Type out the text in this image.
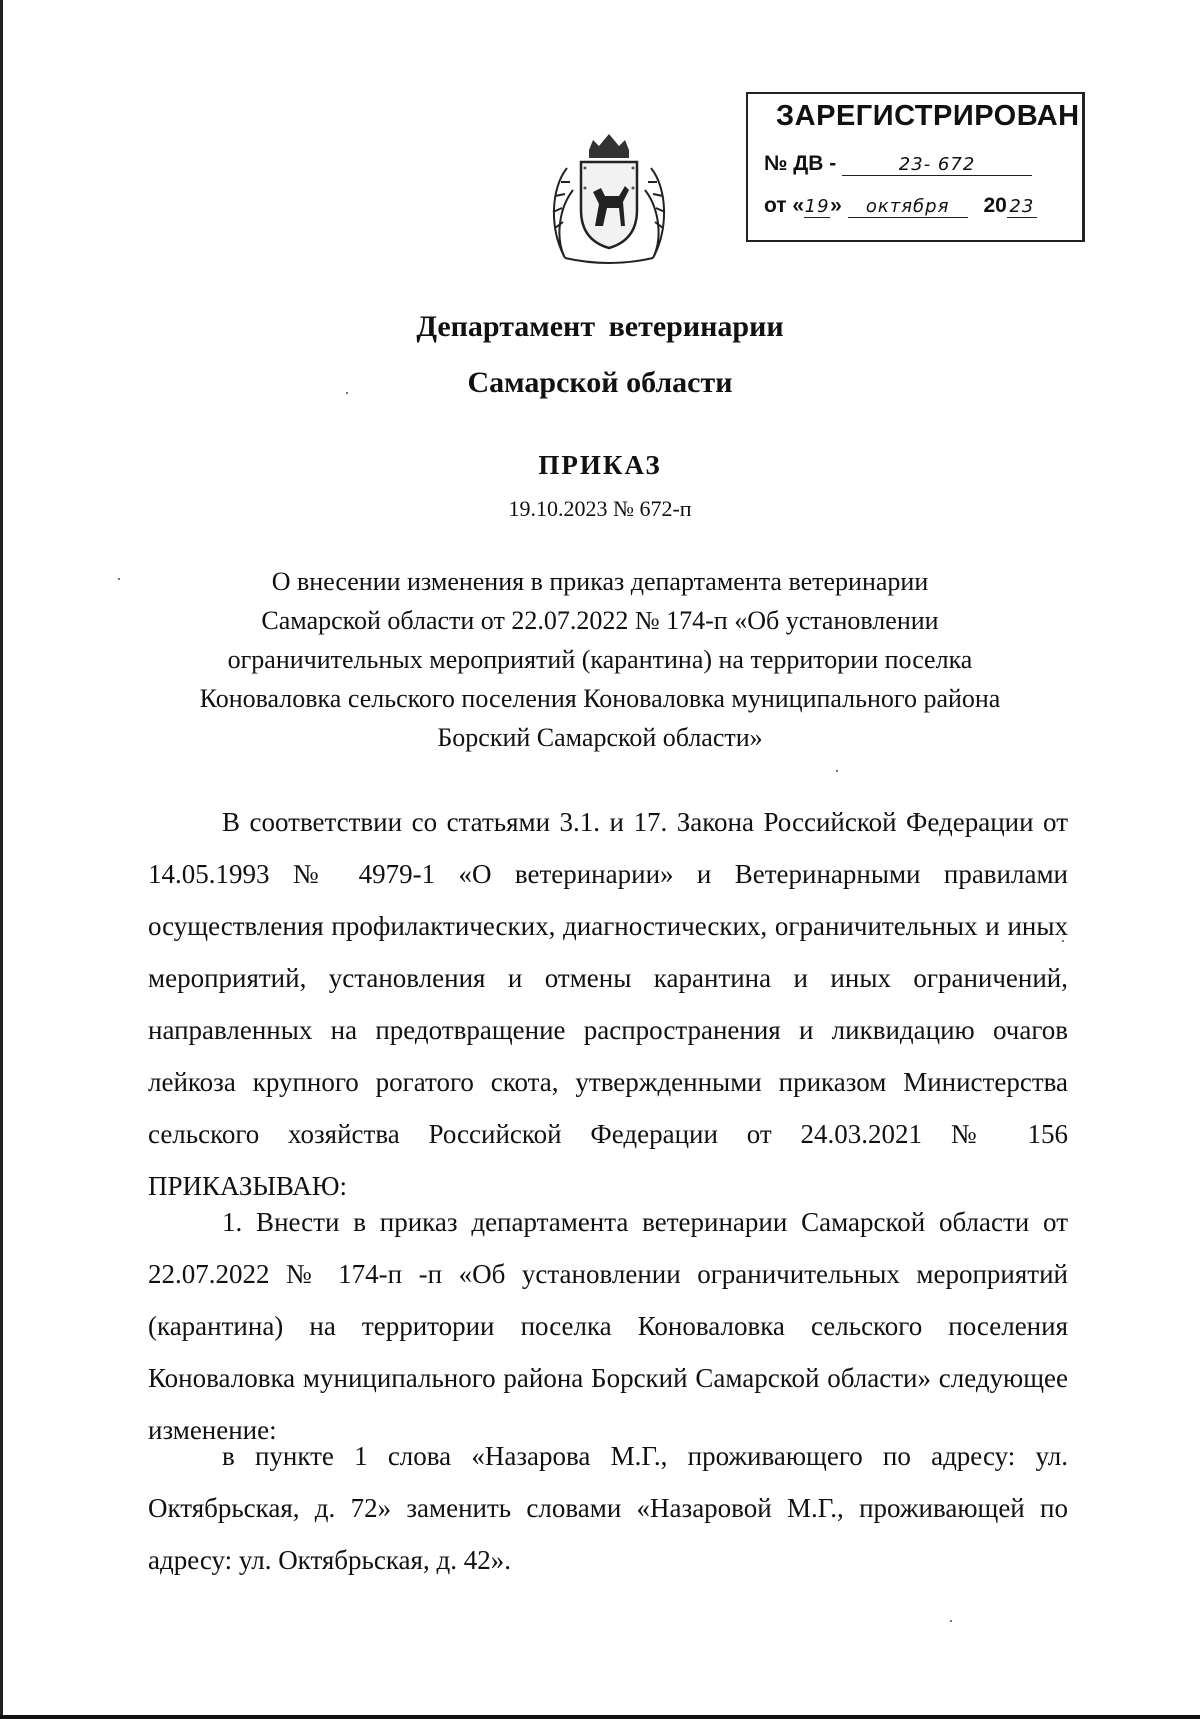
ЗАРЕГИСТРИРОВАН
№ ДВ -	23- 672
от «19» октября 20 23
Департамент ветеринарии
Самарской области
ПРИКАЗ
19.10.2023 № 672-п
О внесении изменения в приказ департамента ветеринарии
Самарской области от 22.07.2022 № 174-п «Об установлении
ограничительных мероприятий (карантина) на территории поселка
Коноваловка сельского поселения Коноваловка муниципального района
Борский Самарской области»

В соответствии со статьями 3.1. и 17. Закона Российской Федерации от 14.05.1993 № 4979-1 «О ветеринарии» и Ветеринарными правилами осуществления профилактических, диагностических, ограничительных и иных мероприятий, установления и отмены карантина и иных ограничений, направленных на предотвращение распространения и ликвидацию очагов лейкоза крупного рогатого скота, утвержденными приказом Министерства сельского хозяйства Российской Федерации от 24.03.2021 № 156 ПРИКАЗЫВАЮ:

1. Внести в приказ департамента ветеринарии Самарской области от 22.07.2022 № 174-п -п «Об установлении ограничительных мероприятий (карантина) на территории поселка Коноваловка сельского поселения Коноваловка муниципального района Борский Самарской области» следующее изменение:

в пункте 1 слова «Назарова М.Г., проживающего по адресу: ул. Октябрьская, д. 72» заменить словами «Назаровой М.Г., проживающей по адресу: ул. Октябрьская, д. 42».
